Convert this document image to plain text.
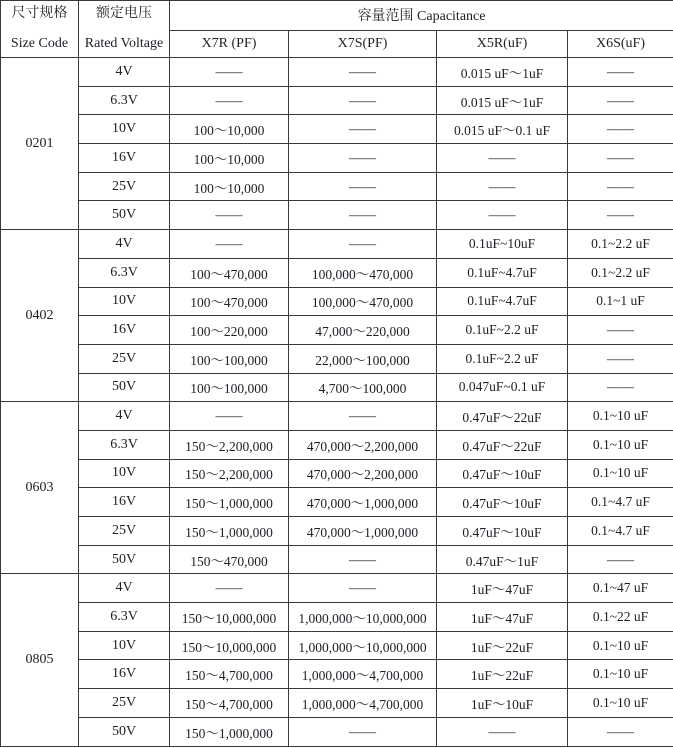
尺寸规格
Size Code

额定电压
Rated Voltage
	容量范围 Capacitance
		X7R (PF)	X7S(PF)	X5R(uF)	X6S(uF)
0201	4V	——	——	0.015 uF～1uF	——
	6.3V	——	——	0.015 uF～1uF	——
	10V	100～10,000	——	0.015 uF～0.1 uF	——
	16V	100～10,000	——	——	——
	25V	100～10,000	——	——	——
	50V	——	——	——	——
0402	4V	——	——	0.1uF~10uF	0.1~2.2 uF
	6.3V	100～470,000	100,000～470,000	0.1uF~4.7uF	0.1~2.2 uF
	10V	100～470,000	100,000～470,000	0.1uF~4.7uF	0.1~1 uF
	16V	100～220,000	47,000～220,000	0.1uF~2.2 uF	——
	25V	100～100,000	22,000～100,000	0.1uF~2.2 uF	——
	50V	100～100,000	4,700～100,000	0.047uF~0.1 uF	——
0603	4V	——	——	0.47uF～22uF	0.1~10 uF
	6.3V	150～2,200,000	470,000～2,200,000	0.47uF～22uF	0.1~10 uF
	10V	150～2,200,000	470,000～2,200,000	0.47uF～10uF	0.1~10 uF
	16V	150～1,000,000	470,000～1,000,000	0.47uF～10uF	0.1~4.7 uF
	25V	150～1,000,000	470,000～1,000,000	0.47uF～10uF	0.1~4.7 uF
	50V	150～470,000	——	0.47uF～1uF	——
0805	4V	——	——	1uF～47uF	0.1~47 uF
	6.3V	150～10,000,000	1,000,000～10,000,000	1uF～47uF	0.1~22 uF
	10V	150～10,000,000	1,000,000～10,000,000	1uF～22uF	0.1~10 uF
	16V	150～4,700,000	1,000,000～4,700,000	1uF～22uF	0.1~10 uF
	25V	150～4,700,000	1,000,000～4,700,000	1uF～10uF	0.1~10 uF
	50V	150～1,000,000	——	——	——
